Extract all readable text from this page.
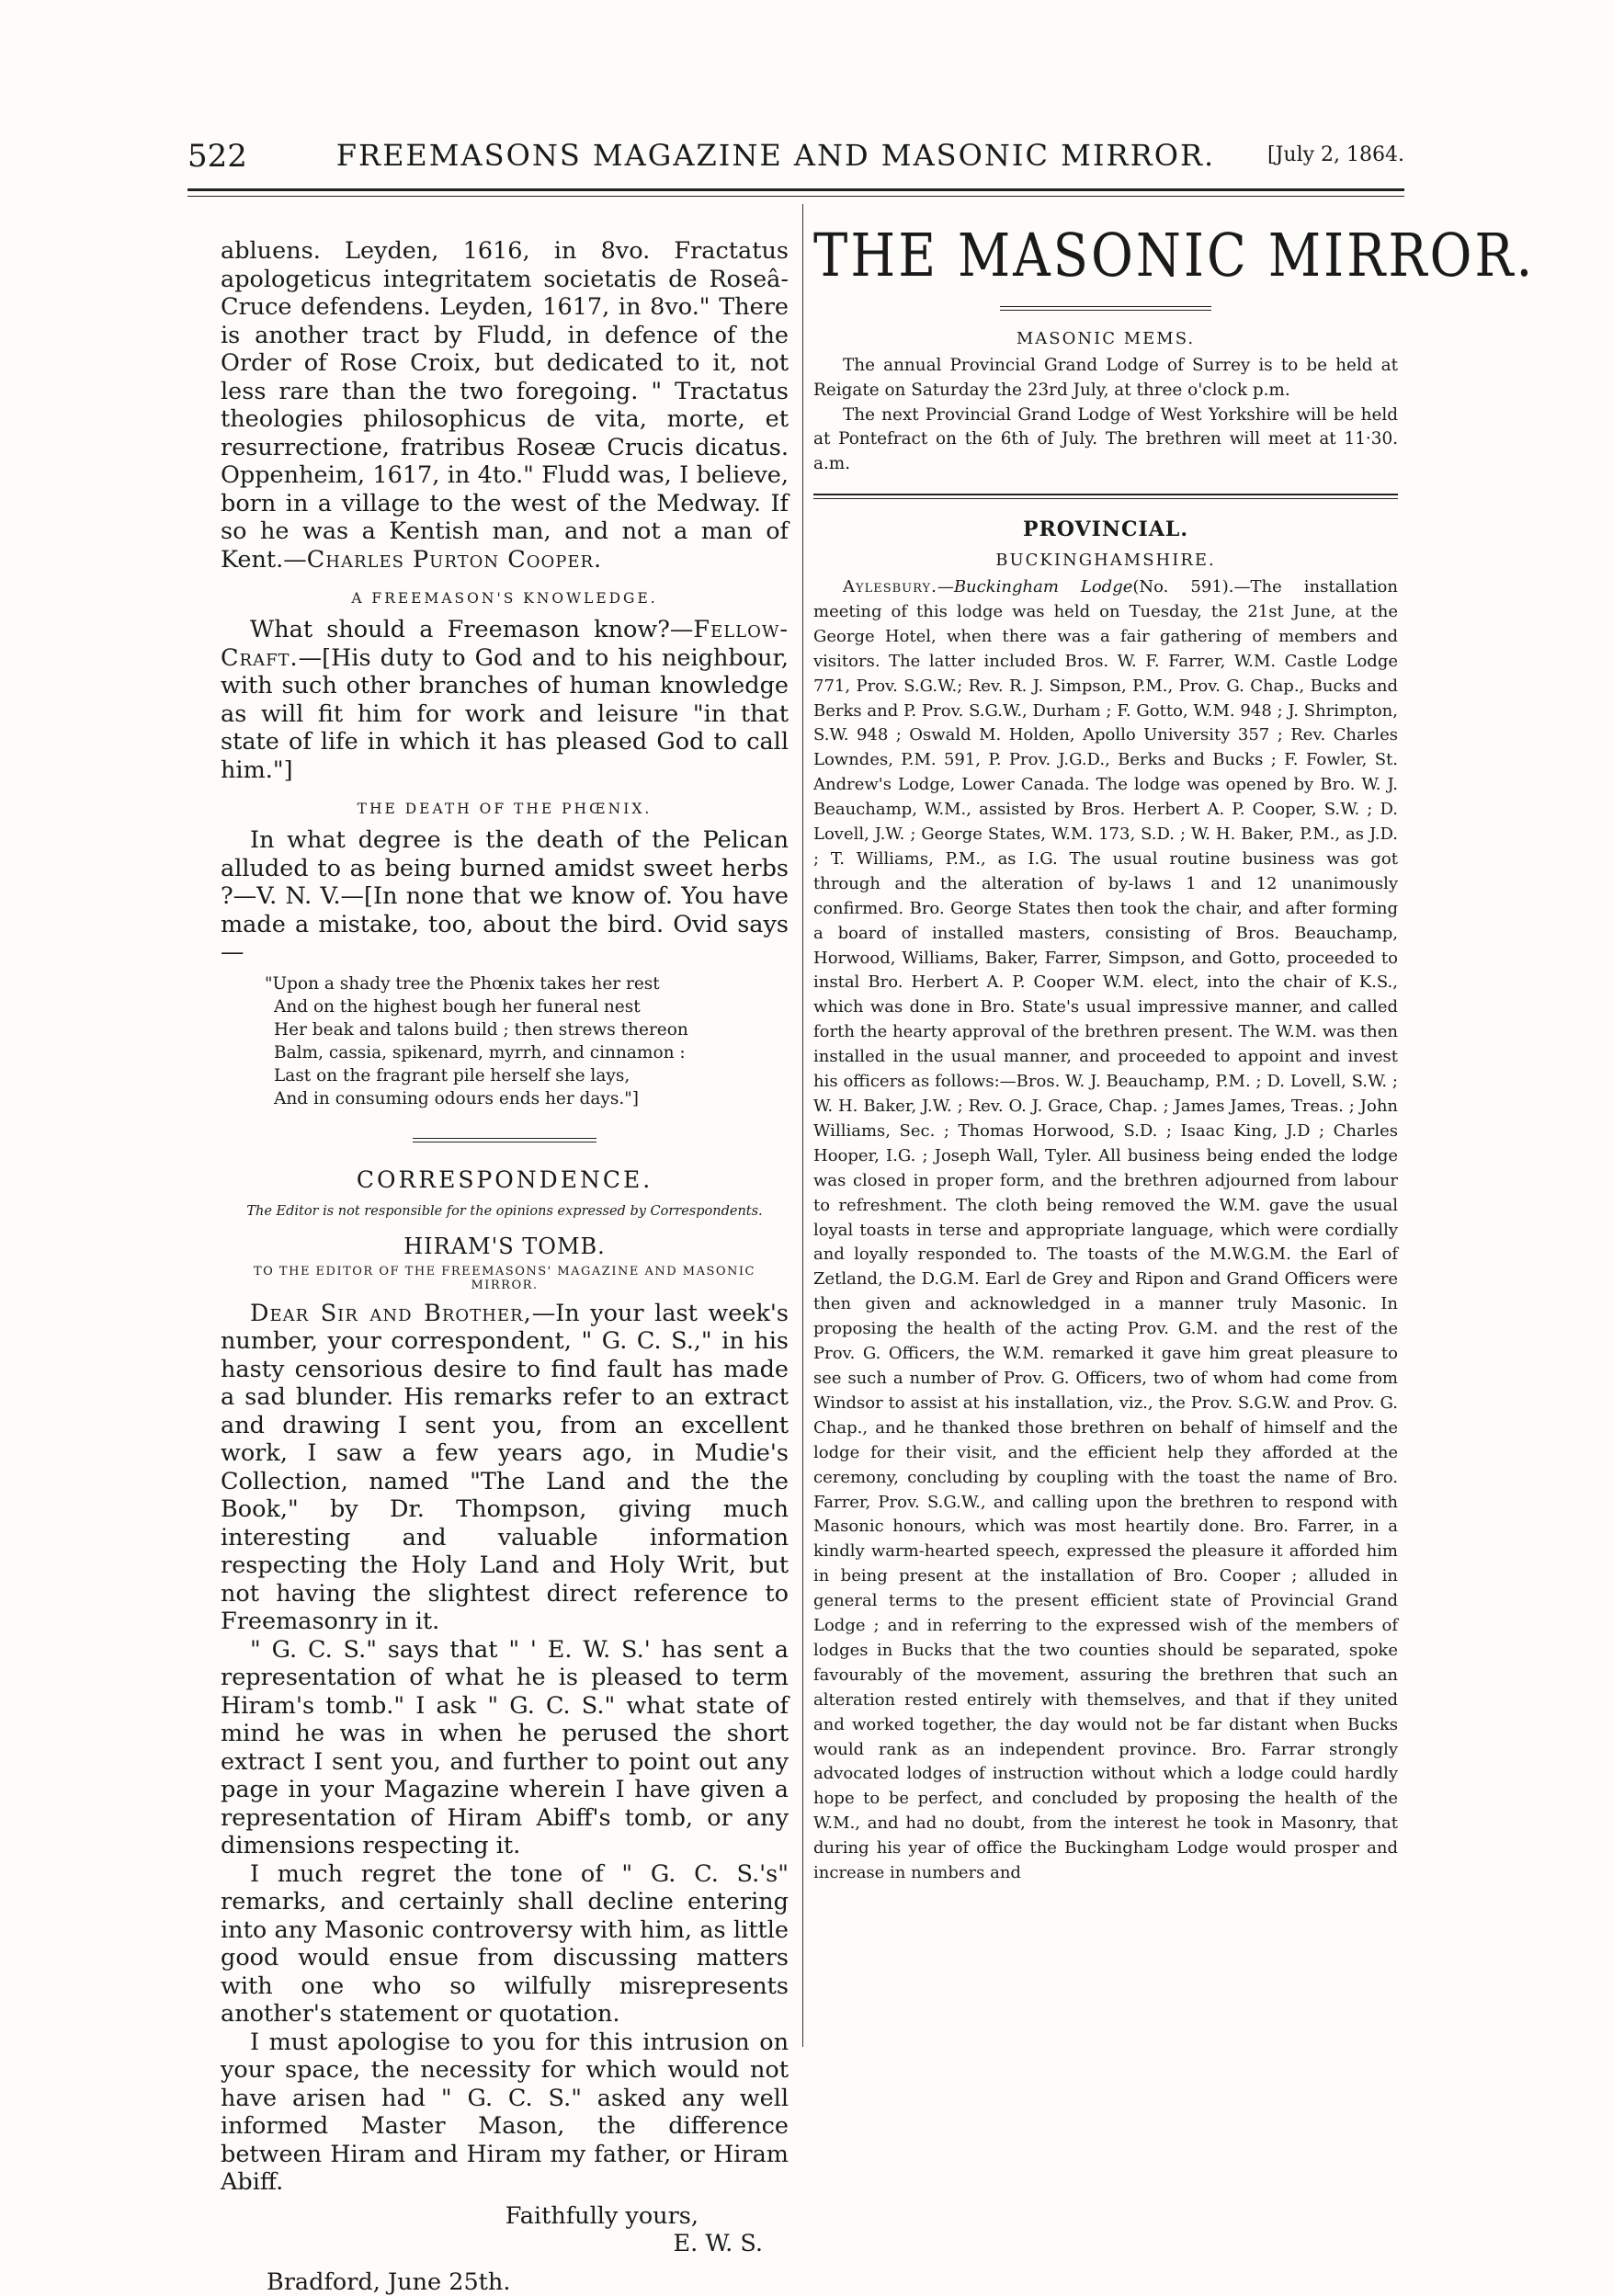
522	FREEMASONS MAGAZINE AND MASONIC MIRROR.	[July 2, 1864.

abluens. Leyden, 1616, in 8vo. Fractatus apologeticus integritatem societatis de Roseâ-Cruce defendens. Leyden, 1617, in 8vo." There is another tract by Fludd, in defence of the Order of Rose Croix, but dedicated to it, not less rare than the two foregoing. " Tractatus theologies philosophicus de vita, morte, et resurrectione, fratribus Roseæ Crucis dicatus. Oppenheim, 1617, in 4to." Fludd was, I believe, born in a village to the west of the Medway. If so he was a Kentish man, and not a man of Kent.—Charles Purton Cooper.

A FREEMASON'S KNOWLEDGE.

What should a Freemason know?—Fellow-Craft.—[His duty to God and to his neighbour, with such other branches of human knowledge as will fit him for work and leisure "in that state of life in which it has pleased God to call him."]

THE DEATH OF THE PHŒNIX.

In what degree is the death of the Pelican alluded to as being burned amidst sweet herbs ?—V. N. V.—[In none that we know of. You have made a mistake, too, about the bird. Ovid says—

"Upon a shady tree the Phœnix takes her rest
And on the highest bough her funeral nest
Her beak and talons build ; then strews thereon
Balm, cassia, spikenard, myrrh, and cinnamon :
Last on the fragrant pile herself she lays,
And in consuming odours ends her days."]
CORRESPONDENCE.
The Editor is not responsible for the opinions expressed by Correspondents.
HIRAM'S TOMB.
TO THE EDITOR OF THE FREEMASONS' MAGAZINE AND MASONIC MIRROR.

Dear Sir and Brother,—In your last week's number, your correspondent, " G. C. S.," in his hasty censorious desire to find fault has made a sad blunder. His remarks refer to an extract and drawing I sent you, from an excellent work, I saw a few years ago, in Mudie's Collection, named "The Land and the the Book," by Dr. Thompson, giving much interesting and valuable information respecting the Holy Land and Holy Writ, but not having the slightest direct reference to Freemasonry in it.

" G. C. S." says that " ' E. W. S.' has sent a representation of what he is pleased to term Hiram's tomb." I ask " G. C. S." what state of mind he was in when he perused the short extract I sent you, and further to point out any page in your Magazine wherein I have given a representation of Hiram Abiff's tomb, or any dimensions respecting it.

I much regret the tone of " G. C. S.'s" remarks, and certainly shall decline entering into any Masonic controversy with him, as little good would ensue from discussing matters with one who so wilfully misrepresents another's statement or quotation.

I must apologise to you for this intrusion on your space, the necessity for which would not have arisen had " G. C. S." asked any well informed Master Mason, the difference between Hiram and Hiram my father, or Hiram Abiff.

Faithfully yours,
E. W. S.
Bradford, June 25th.
THE MASONIC MIRROR.
MASONIC MEMS.

The annual Provincial Grand Lodge of Surrey is to be held at Reigate on Saturday the 23rd July, at three o'clock p.m.

The next Provincial Grand Lodge of West Yorkshire will be held at Pontefract on the 6th of July. The brethren will meet at 11·30. a.m.

PROVINCIAL.
BUCKINGHAMSHIRE.

Aylesbury.—Buckingham Lodge(No. 591).—The installation meeting of this lodge was held on Tuesday, the 21st June, at the George Hotel, when there was a fair gathering of members and visitors. The latter included Bros. W. F. Farrer, W.M. Castle Lodge 771, Prov. S.G.W.; Rev. R. J. Simpson, P.M., Prov. G. Chap., Bucks and Berks and P. Prov. S.G.W., Durham ; F. Gotto, W.M. 948 ; J. Shrimpton, S.W. 948 ; Oswald M. Holden, Apollo University 357 ; Rev. Charles Lowndes, P.M. 591, P. Prov. J.G.D., Berks and Bucks ; F. Fowler, St. Andrew's Lodge, Lower Canada. The lodge was opened by Bro. W. J. Beauchamp, W.M., assisted by Bros. Herbert A. P. Cooper, S.W. ; D. Lovell, J.W. ; George States, W.M. 173, S.D. ; W. H. Baker, P.M., as J.D. ; T. Williams, P.M., as I.G. The usual routine business was got through and the alteration of by-laws 1 and 12 unanimously confirmed. Bro. George States then took the chair, and after forming a board of installed masters, consisting of Bros. Beauchamp, Horwood, Williams, Baker, Farrer, Simpson, and Gotto, proceeded to instal Bro. Herbert A. P. Cooper W.M. elect, into the chair of K.S., which was done in Bro. State's usual impressive manner, and called forth the hearty approval of the brethren present. The W.M. was then installed in the usual manner, and proceeded to appoint and invest his officers as follows:—Bros. W. J. Beauchamp, P.M. ; D. Lovell, S.W. ; W. H. Baker, J.W. ; Rev. O. J. Grace, Chap. ; James James, Treas. ; John Williams, Sec. ; Thomas Horwood, S.D. ; Isaac King, J.D ; Charles Hooper, I.G. ; Joseph Wall, Tyler. All business being ended the lodge was closed in proper form, and the brethren adjourned from labour to refreshment. The cloth being removed the W.M. gave the usual loyal toasts in terse and appropriate language, which were cordially and loyally responded to. The toasts of the M.W.G.M. the Earl of Zetland, the D.G.M. Earl de Grey and Ripon and Grand Officers were then given and acknowledged in a manner truly Masonic. In proposing the health of the acting Prov. G.M. and the rest of the Prov. G. Officers, the W.M. remarked it gave him great pleasure to see such a number of Prov. G. Officers, two of whom had come from Windsor to assist at his installation, viz., the Prov. S.G.W. and Prov. G. Chap., and he thanked those brethren on behalf of himself and the lodge for their visit, and the efficient help they afforded at the ceremony, concluding by coupling with the toast the name of Bro. Farrer, Prov. S.G.W., and calling upon the brethren to respond with Masonic honours, which was most heartily done. Bro. Farrer, in a kindly warm-hearted speech, expressed the pleasure it afforded him in being present at the installation of Bro. Cooper ; alluded in general terms to the present efficient state of Provincial Grand Lodge ; and in referring to the expressed wish of the members of lodges in Bucks that the two counties should be separated, spoke favourably of the movement, assuring the brethren that such an alteration rested entirely with themselves, and that if they united and worked together, the day would not be far distant when Bucks would rank as an independent province. Bro. Farrar strongly advocated lodges of instruction without which a lodge could hardly hope to be perfect, and concluded by proposing the health of the W.M., and had no doubt, from the interest he took in Masonry, that during his year of office the Buckingham Lodge would prosper and increase in numbers and
